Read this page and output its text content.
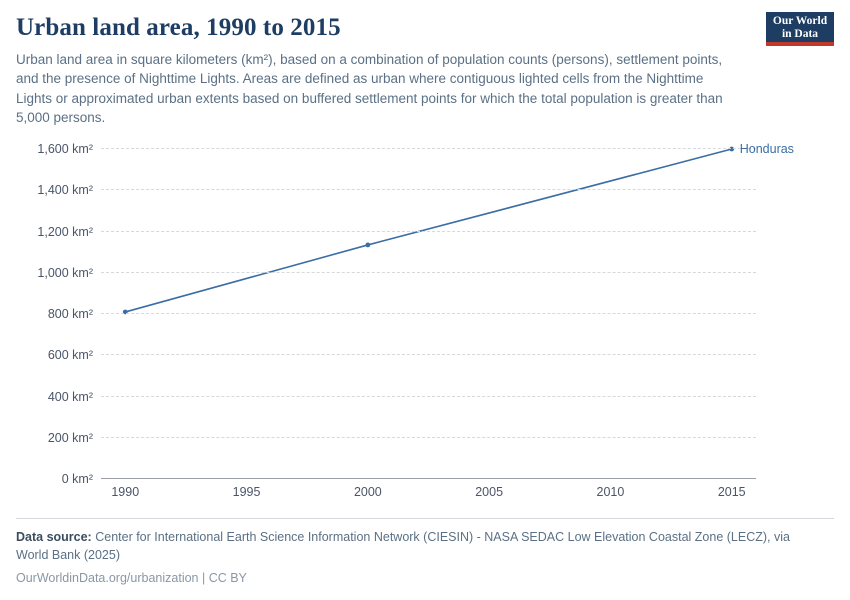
Our World
in Data
Urban land area, 1990 to 2015

Urban land area in square kilometers (km²), based on a combination of population counts (persons), settlement points, and the presence of Nighttime Lights. Areas are defined as urban where contiguous lighted cells from the Nighttime Lights or approximated urban extents based on buffered settlement points for which the total population is greater than 5,000 persons.

0 km²
200 km²
400 km²
600 km²
800 km²
1,000 km²
1,200 km²
1,400 km²
1,600 km²
1990	1995	2000	2005	2010	2015
Honduras
Data source: Center for International Earth Science Information Network (CIESIN) - NASA SEDAC Low Elevation Coastal Zone (LECZ), via World Bank (2025)
OurWorldinData.org/urbanization | CC BY
